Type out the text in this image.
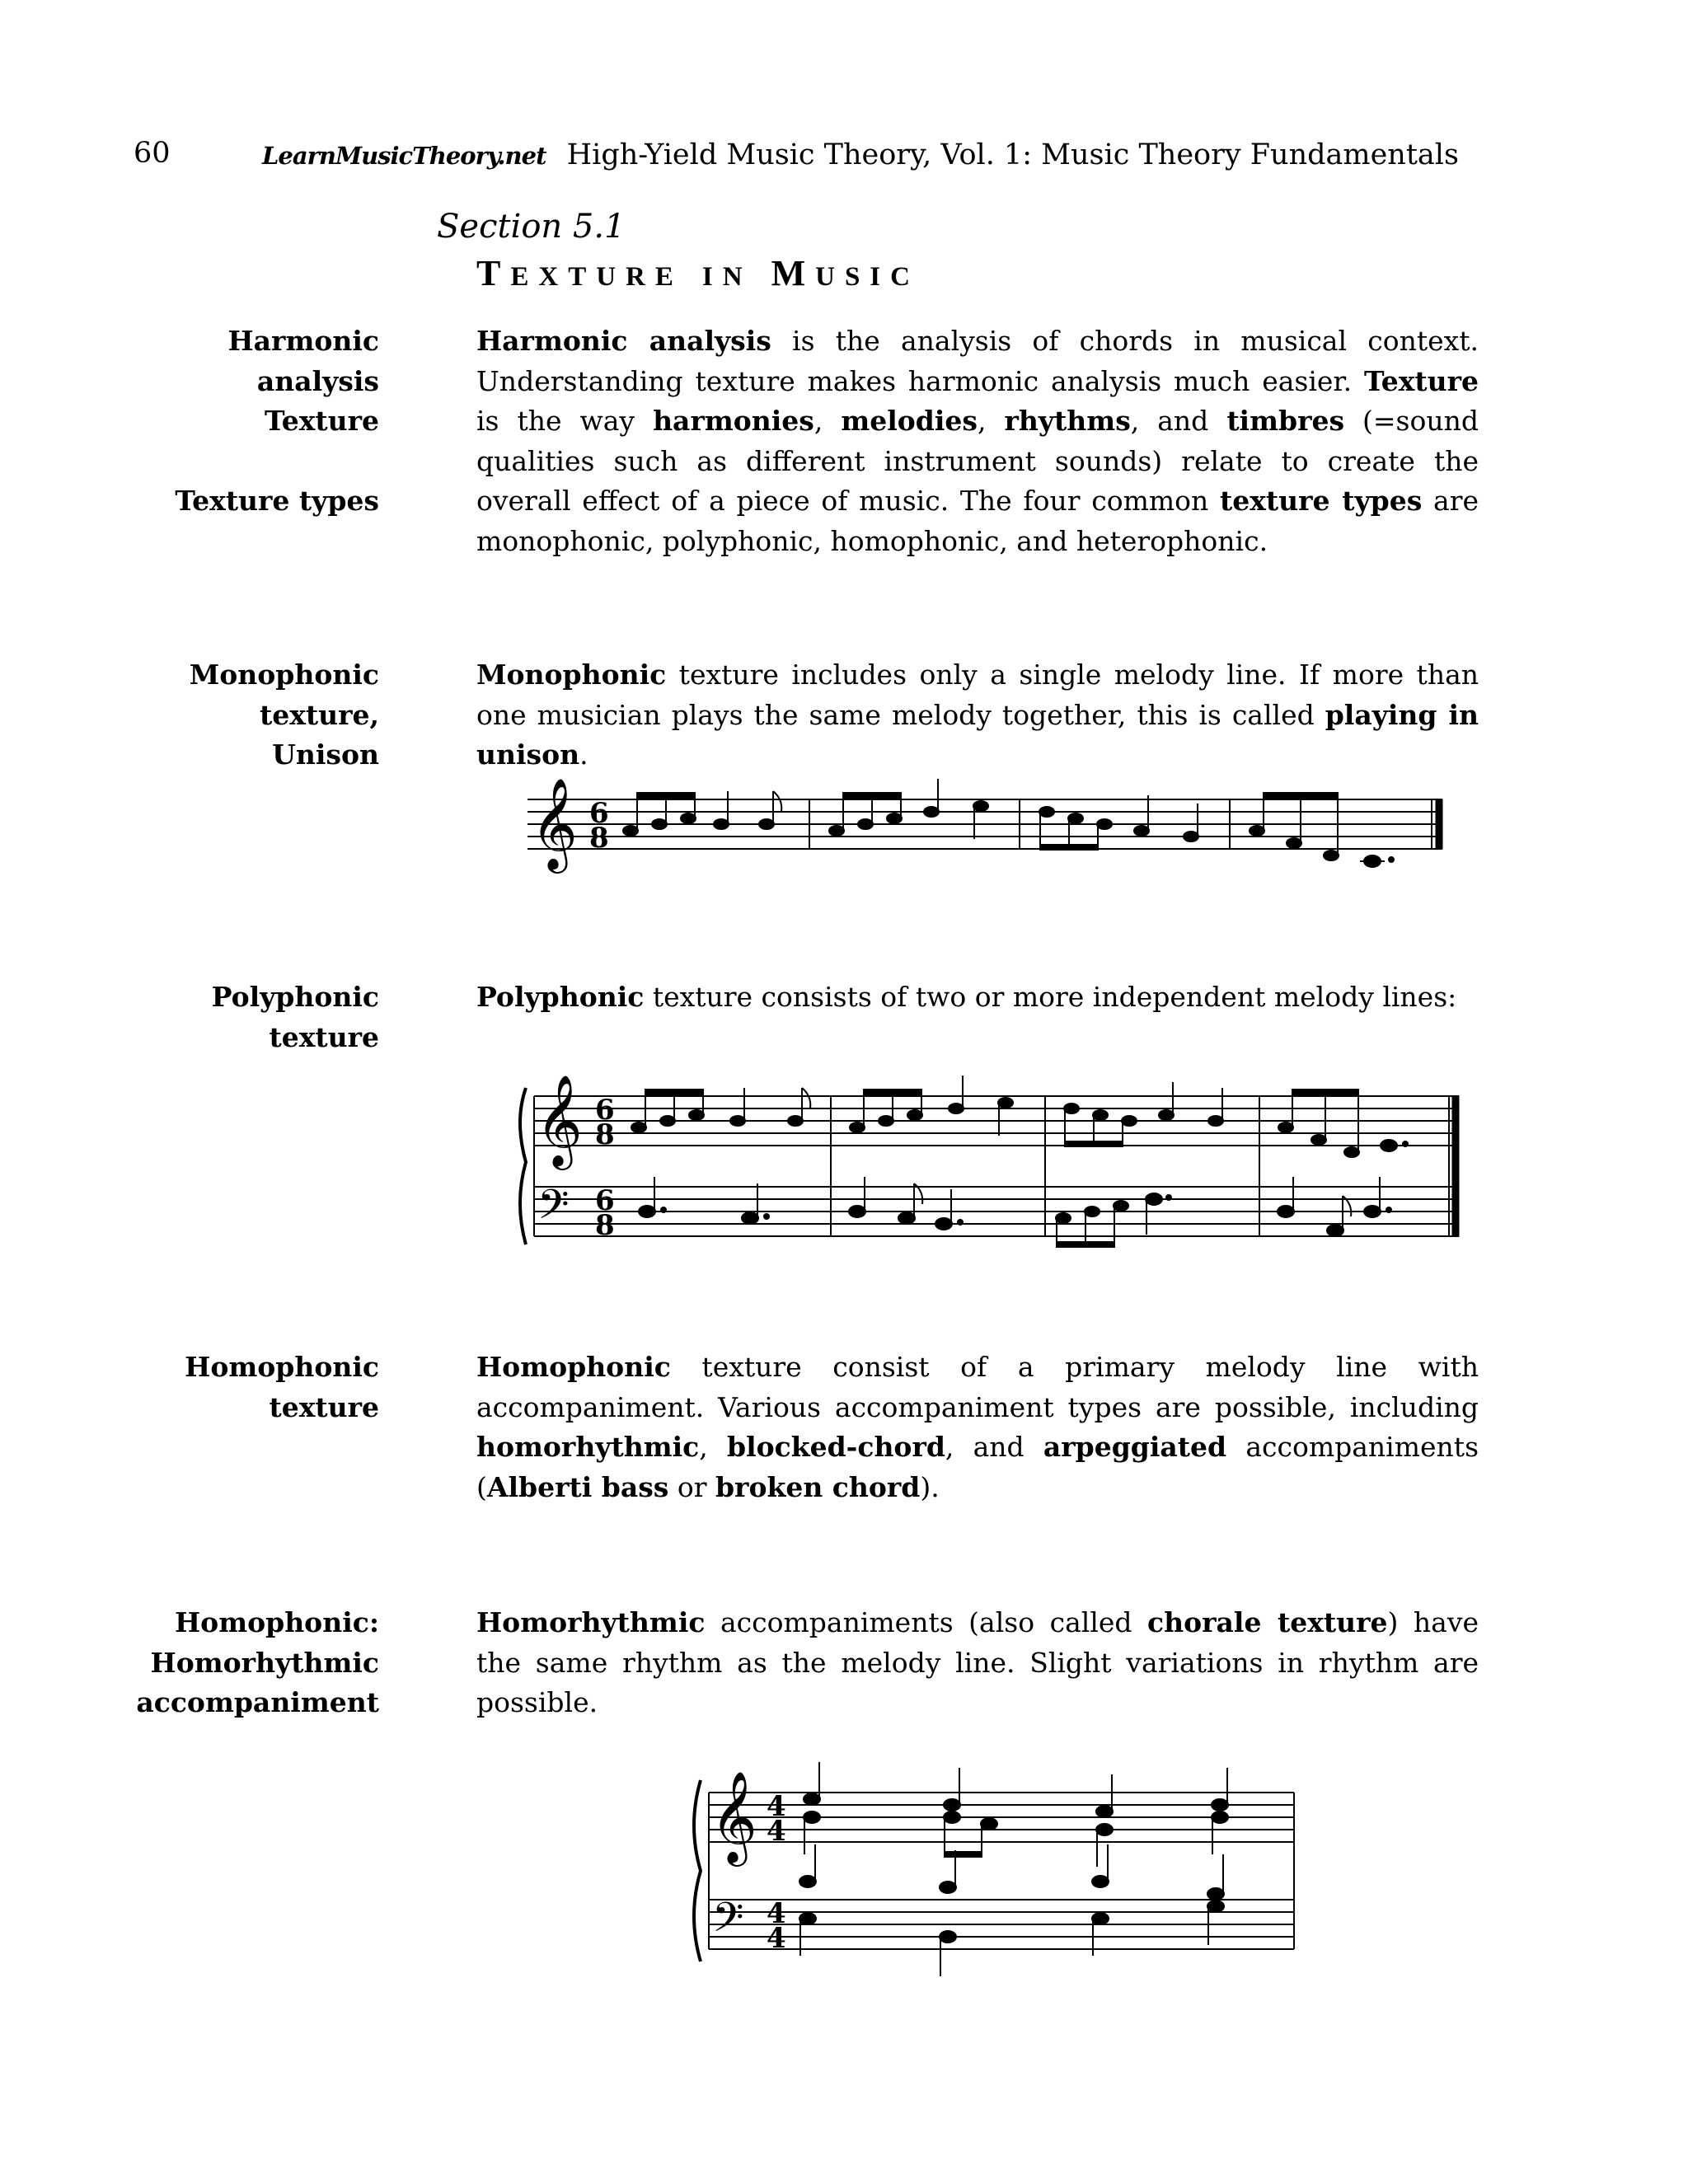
60	LearnMusicTheory.net High-Yield Music Theory, Vol. 1: Music Theory Fundamentals
Section 5.1
TEXTURE IN MUSIC
Harmonic
analysis
Texture

Texture types
Monophonic
texture,
Unison
Polyphonic
texture
Homophonic
texture
Homophonic:
Homorhythmic
accompaniment
Harmonic analysis is the analysis of chords in musical context. Understanding texture makes harmonic analysis much easier. Texture is the way harmonies, melodies, rhythms, and timbres (=sound qualities such as different instrument sounds) relate to create the overall effect of a piece of music. The four common texture types are monophonic, polyphonic, homophonic, and heterophonic.
Monophonic texture includes only a single melody line. If more than one musician plays the same melody together, this is called playing in unison.
Polyphonic texture consists of two or more independent melody lines:
Homophonic texture consist of a primary melody line with accompaniment. Various accompaniment types are possible, including homorhythmic, blocked-chord, and arpeggiated accompaniments (Alberti bass or broken chord).
Homorhythmic accompaniments (also called chorale texture) have the same rhythm as the melody line. Slight variations in rhythm are possible.
𝄞 6
8
𝄞
𝄢
6
8
6
8
𝄞
𝄢
4
4
4
4
